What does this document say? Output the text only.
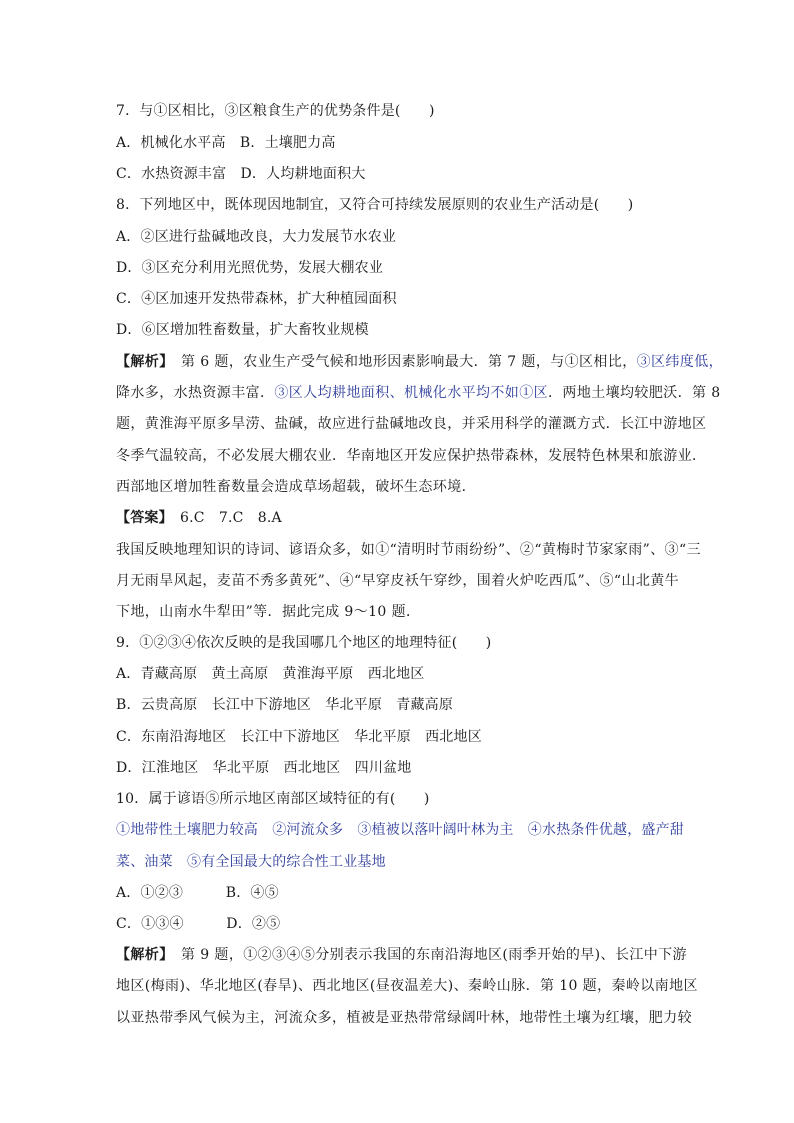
7．与①区相比，③区粮食生产的优势条件是(　　)
A．机械化水平高　B．土壤肥力高
C．水热资源丰富　D．人均耕地面积大
8．下列地区中，既体现因地制宜，又符合可持续发展原则的农业生产活动是(　　)
A．②区进行盐碱地改良，大力发展节水农业
D．③区充分利用光照优势，发展大棚农业
C．④区加速开发热带森林，扩大种植园面积
D．⑥区增加牲畜数量，扩大畜牧业规模
【解析】　第 6 题，农业生产受气候和地形因素影响最大．第 7 题，与①区相比，③区纬度低，
降水多，水热资源丰富．③区人均耕地面积、机械化水平均不如①区．两地土壤均较肥沃．第 8
题，黄淮海平原多旱涝、盐碱，故应进行盐碱地改良，并采用科学的灌溉方式．长江中游地区
冬季气温较高，不必发展大棚农业．华南地区开发应保护热带森林，发展特色林果和旅游业．
西部地区增加牲畜数量会造成草场超载，破坏生态环境．
【答案】　6.C　7.C　8.A
我国反映地理知识的诗词、谚语众多，如①“清明时节雨纷纷”、②“黄梅时节家家雨”、③“三
月无雨旱风起，麦苗不秀多黄死”、④“早穿皮袄午穿纱，围着火炉吃西瓜”、⑤“山北黄牛
下地，山南水牛犁田”等．据此完成 9～10 题．
9．①②③④依次反映的是我国哪几个地区的地理特征(　　)
A．青藏高原　黄土高原　黄淮海平原　西北地区
B．云贵高原　长江中下游地区　华北平原　青藏高原
C．东南沿海地区　长江中下游地区　华北平原　西北地区
D．江淮地区　华北平原　西北地区　四川盆地
10．属于谚语⑤所示地区南部区域特征的有(　　)
①地带性土壤肥力较高　②河流众多　③植被以落叶阔叶林为主　④水热条件优越，盛产甜
菜、油菜　⑤有全国最大的综合性工业基地
A．①②③　　　B．④⑤
C．①③④　　　D．②⑤
【解析】　第 9 题，①②③④⑤分别表示我国的东南沿海地区(雨季开始的早)、长江中下游
地区(梅雨)、华北地区(春旱)、西北地区(昼夜温差大)、秦岭山脉．第 10 题，秦岭以南地区
以亚热带季风气候为主，河流众多，植被是亚热带常绿阔叶林，地带性土壤为红壤，肥力较
